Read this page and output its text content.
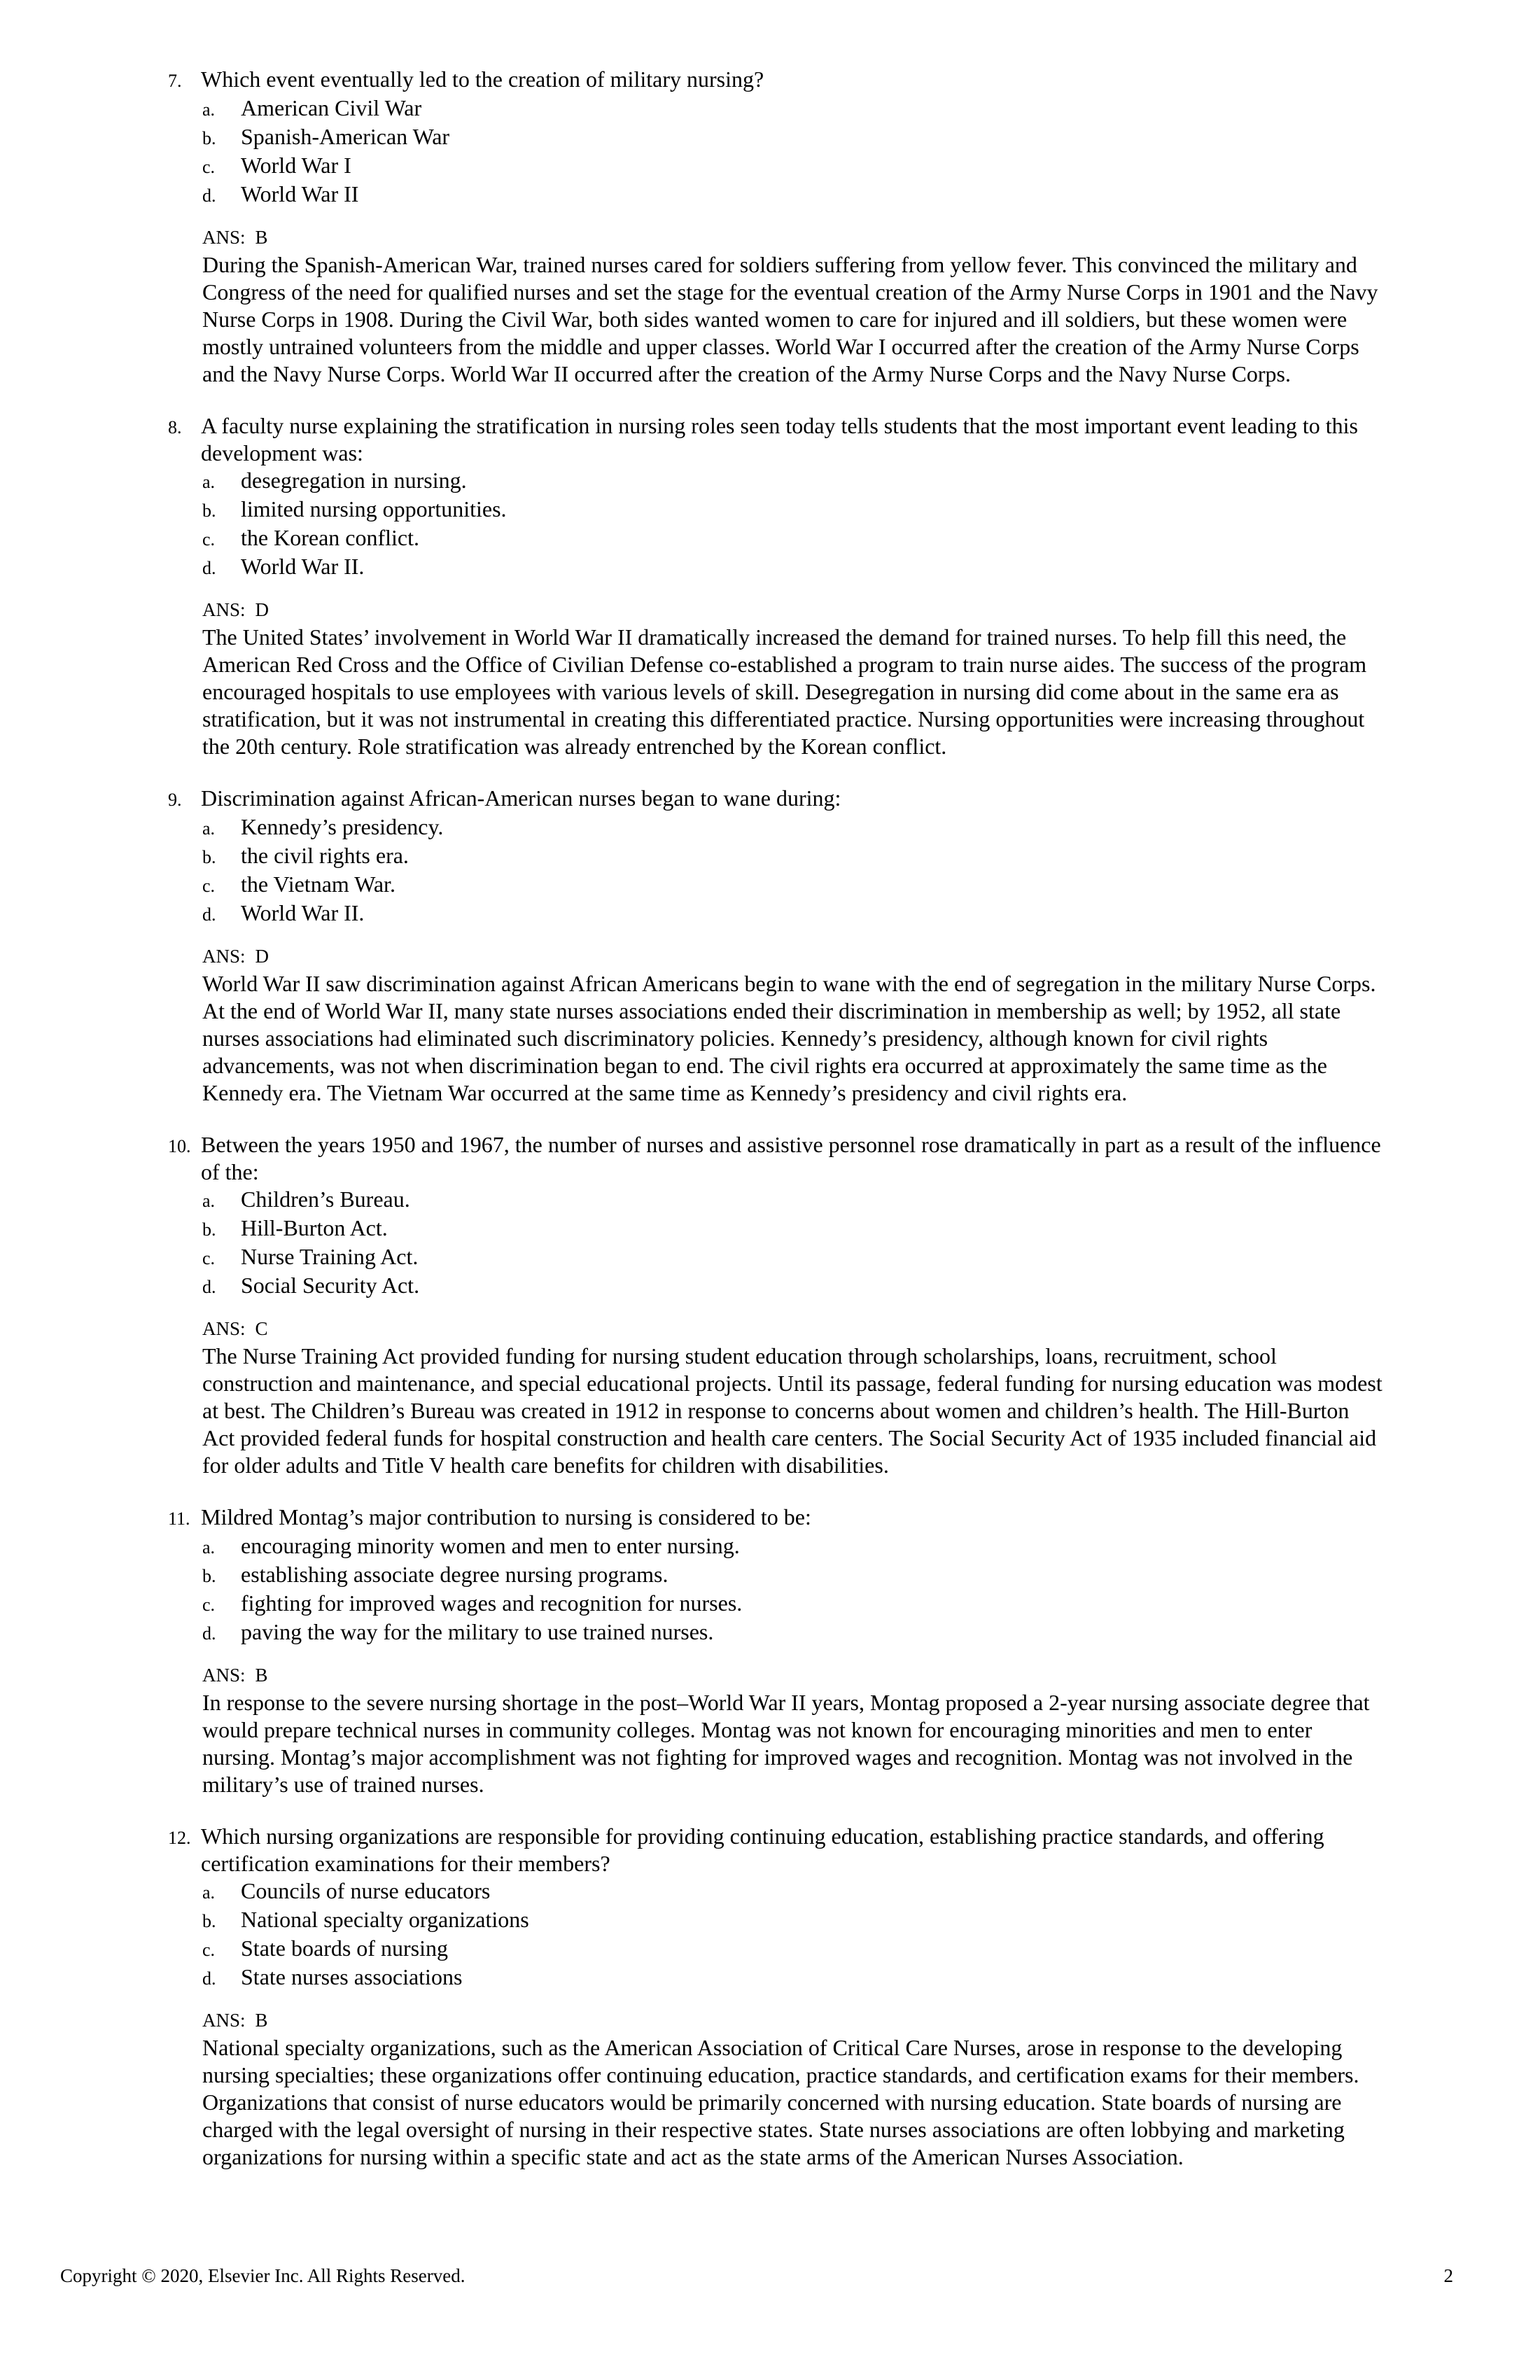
7. Which event eventually led to the creation of military nursing?
a.	American Civil War
b.	Spanish-American War
c.	World War I
d.	World War II
ANS: B
During the Spanish-American War, trained nurses cared for soldiers suffering from yellow fever. This convinced the military and
Congress of the need for qualified nurses and set the stage for the eventual creation of the Army Nurse Corps in 1901 and the Navy
Nurse Corps in 1908. During the Civil War, both sides wanted women to care for injured and ill soldiers, but these women were
mostly untrained volunteers from the middle and upper classes. World War I occurred after the creation of the Army Nurse Corps
and the Navy Nurse Corps. World War II occurred after the creation of the Army Nurse Corps and the Navy Nurse Corps.
8. A faculty nurse explaining the stratification in nursing roles seen today tells students that the most important event leading to this
development was:
a.	desegregation in nursing.
b.	limited nursing opportunities.
c.	the Korean conflict.
d.	World War II.
ANS: D
The United States’ involvement in World War II dramatically increased the demand for trained nurses. To help fill this need, the
American Red Cross and the Office of Civilian Defense co-established a program to train nurse aides. The success of the program
encouraged hospitals to use employees with various levels of skill. Desegregation in nursing did come about in the same era as
stratification, but it was not instrumental in creating this differentiated practice. Nursing opportunities were increasing throughout
the 20th century. Role stratification was already entrenched by the Korean conflict.
9. Discrimination against African-American nurses began to wane during:
a.	Kennedy’s presidency.
b.	the civil rights era.
c.	the Vietnam War.
d.	World War II.
ANS: D
World War II saw discrimination against African Americans begin to wane with the end of segregation in the military Nurse Corps.
At the end of World War II, many state nurses associations ended their discrimination in membership as well; by 1952, all state
nurses associations had eliminated such discriminatory policies. Kennedy’s presidency, although known for civil rights
advancements, was not when discrimination began to end. The civil rights era occurred at approximately the same time as the
Kennedy era. The Vietnam War occurred at the same time as Kennedy’s presidency and civil rights era.
10. Between the years 1950 and 1967, the number of nurses and assistive personnel rose dramatically in part as a result of the influence
of the:
a.	Children’s Bureau.
b.	Hill-Burton Act.
c.	Nurse Training Act.
d.	Social Security Act.
ANS: C
The Nurse Training Act provided funding for nursing student education through scholarships, loans, recruitment, school
construction and maintenance, and special educational projects. Until its passage, federal funding for nursing education was modest
at best. The Children’s Bureau was created in 1912 in response to concerns about women and children’s health. The Hill-Burton
Act provided federal funds for hospital construction and health care centers. The Social Security Act of 1935 included financial aid
for older adults and Title V health care benefits for children with disabilities.
11. Mildred Montag’s major contribution to nursing is considered to be:
a.	encouraging minority women and men to enter nursing.
b.	establishing associate degree nursing programs.
c.	fighting for improved wages and recognition for nurses.
d.	paving the way for the military to use trained nurses.
ANS: B
In response to the severe nursing shortage in the post–World War II years, Montag proposed a 2-year nursing associate degree that
would prepare technical nurses in community colleges. Montag was not known for encouraging minorities and men to enter
nursing. Montag’s major accomplishment was not fighting for improved wages and recognition. Montag was not involved in the
military’s use of trained nurses.
12. Which nursing organizations are responsible for providing continuing education, establishing practice standards, and offering
certification examinations for their members?
a.	Councils of nurse educators
b.	National specialty organizations
c.	State boards of nursing
d.	State nurses associations
ANS: B
National specialty organizations, such as the American Association of Critical Care Nurses, arose in response to the developing
nursing specialties; these organizations offer continuing education, practice standards, and certification exams for their members.
Organizations that consist of nurse educators would be primarily concerned with nursing education. State boards of nursing are
charged with the legal oversight of nursing in their respective states. State nurses associations are often lobbying and marketing
organizations for nursing within a specific state and act as the state arms of the American Nurses Association.
Copyright © 2020, Elsevier Inc. All Rights Reserved.	2
